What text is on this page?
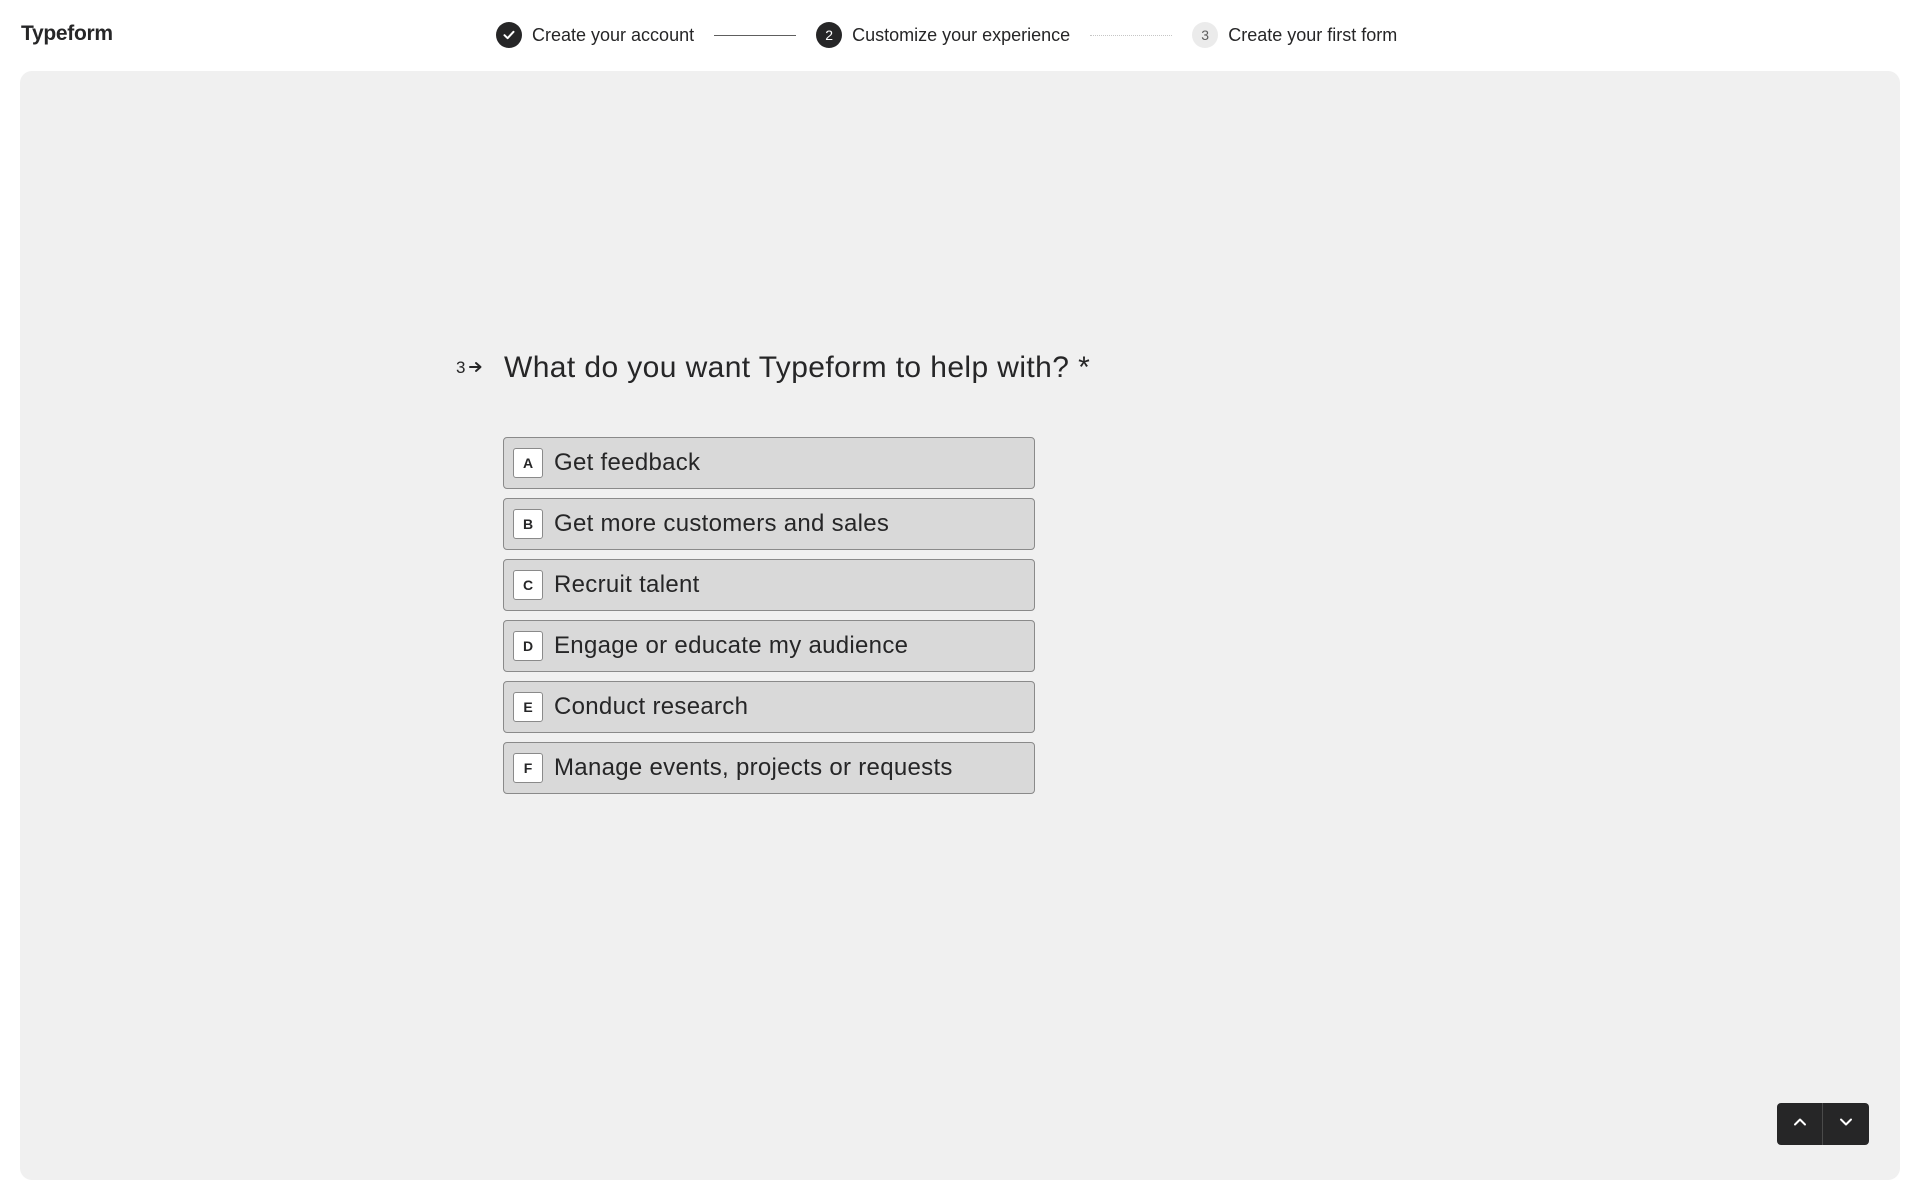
Typeform	Create your account	2	Customize your experience	3	Create your first form
3 What do you want Typeform to help with? *
A Get feedback
B Get more customers and sales
C Recruit talent
D Engage or educate my audience
E Conduct research
F Manage events, projects or requests
